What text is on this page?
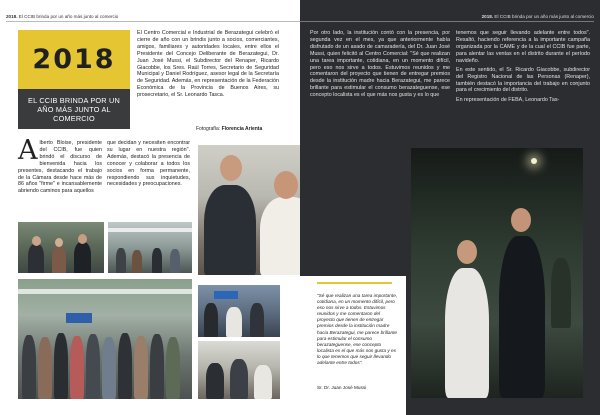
2018. El CCIB brinda por un año más junto al comercio
2018
EL CCIB BRINDA POR UN AÑO MÁS JUNTO AL COMERCIO
El Centro Comercial e Industrial de Berazategui celebró el cierre de año con un brindis junto a socios, comerciantes, amigos, familiares y autoridades locales, entre ellos el Presidente del Concejo Deliberante de Berazategui, Dr. Juan José Mussi, el Subdirector del Renaper, Ricardo Giacobbe, los Sres. Raúl Torres, Secretario de Seguridad Municipal y Daniel Rodríguez, asesor legal de la Secretaría de Seguridad. Además, en representación de la Federación Económica de la Provincia de Buenos Aires, su prosecretario, el Sr. Leonardo Tasca.
Fotografía: Florencia Arienta
A lberto Bloise, presidente del CCIB, fue quien brindó el discurso de bienvenida hacia los presentes, destacando el trabajo de la Cámara desde hace más de 86 años "firme" e incansablemente abriendo caminos para aquellos
que decidan y necesiten encontrar su lugar en nuestra región". Además, destacó la presencia de conocer y colaborar a todos los socios en forma permanente, respondiendo sus inquietudes, necesidades y preocupaciones.
2018. El CCIB brinda por un año más junto al comercio
Por otro lado, la institución contó con la presencia, por segunda vez en el mes, ya que anteriormente había disfrutado de un asado de camaradería, del Dr. Juan José Mussi, quien felicitó al Centro Comercial: "Sé que realizan una tarea importante, cotidiana, en un momento difícil, pero eso nos sirve a todos. Estuvimos reunidos y me comentaron del proyecto que tienen de entregar premios desde la institución madre hacia Berazategui, me parece brillante para estimular el consumo berazateguense, ese concepto localista es el que más nos gusta y es lo que

tenemos que seguir llevando adelante entre todos". Resaltó, haciendo referencia a la importante campaña organizada por la CAME y de la cual el CCIB fue parte, para alentar las ventas en el distrito durante el período navideño.

En este sentido, el Sr. Ricardo Giacobbe, subdirector del Registro Nacional de las Personas (Renaper), también destacó la importancia del trabajo en conjunto para el crecimiento del distrito.

En representación de FEBA, Leonardo Tas-

"Sé que realizan una tarea importante, cotidiana, en un momento difícil, pero eso nos sirve a todos. Estuvimos reunidos y me comentaron del proyecto que tienen de entregar premios desde la institución madre hacia Berazategui, me parece brillante para estimular el consumo berazateguense, ese concepto localista es el que más nos gusta y es lo que tenemos que seguir llevando adelante entre todos".
Sr. Dr. Juan José Mussi
